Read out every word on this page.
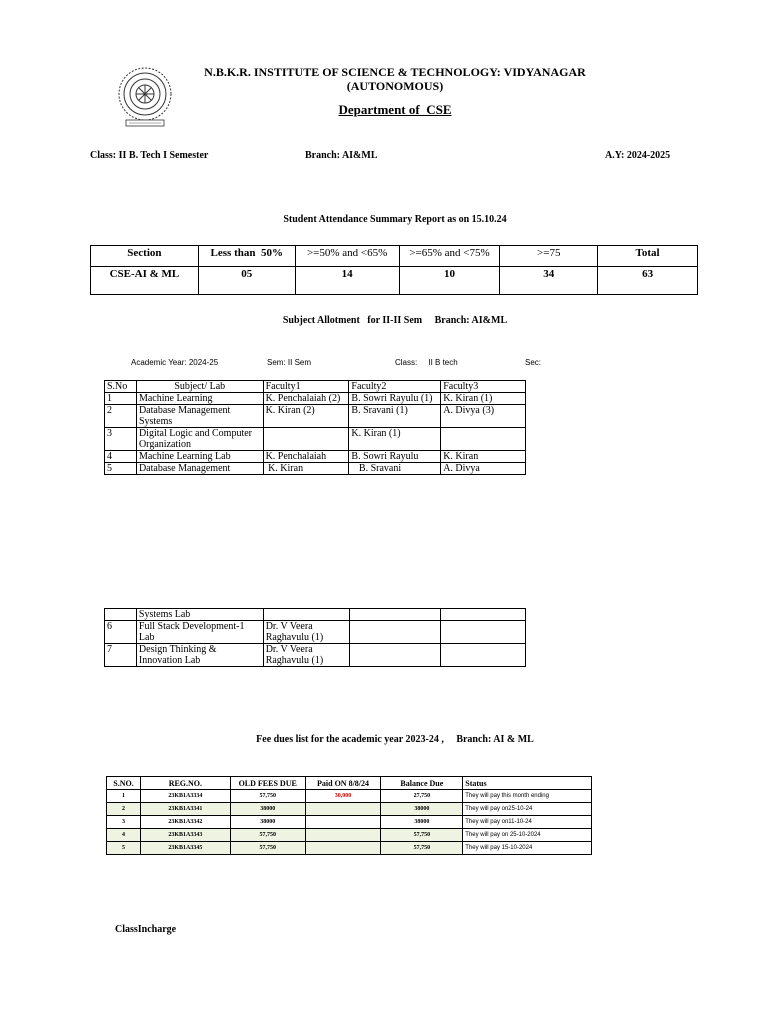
N.B.K.R. INSTITUTE OF SCIENCE & TECHNOLOGY: VIDYANAGAR
(AUTONOMOUS)
Department of  CSE
Class: II B. Tech I Semester	Branch: AI&ML	A.Y: 2024-2025
Student Attendance Summary Report as on 15.10.24
Section	Less than  50%	>=50% and <65%	>=65% and <75%	>=75	Total
CSE-AI & ML	05	14	10	34	63
Subject Allotment   for II-II Sem     Branch: AI&ML
Academic Year: 2024-25	Sem: II Sem	Class:     II B tech	Sec:
S.No	Subject/ Lab	Faculty1	Faculty2	Faculty3
1	Machine Learning	K. Penchalaiah (2)	B. Sowri Rayulu (1)	K. Kiran (1)
2	Database Management Systems	K. Kiran (2)	B. Sravani (1)	A. Divya (3)
3	Digital Logic and Computer Organization		K. Kiran (1)	
4	Machine Learning Lab	K. Penchalaiah	B. Sowri Rayulu	K. Kiran
5	Database Management	K. Kiran	B. Sravani	A. Divya
	Systems Lab			
6	Full Stack Development-1 Lab	Dr. V Veera Raghavulu (1)		
7	Design Thinking & Innovation Lab	Dr. V Veera Raghavulu (1)		
Fee dues list for the academic year 2023-24 ,     Branch: AI & ML
S.NO.	REG.NO.	OLD FEES DUE	Paid ON 8/8/24	Balance Due	Status
1	23KB1A3334	57,750	30,000	27,750	They will pay this month ending
2	23KB1A3341	38000		38000	They will pay on25-10-24
3	23KB1A3342	38000		38000	They will pay on11-10-24
4	23KB1A3343	57,750		57,750	They will pay on 25-10-2024
5	23KB1A3345	57,750		57,750	They will pay 15-10-2024
ClassIncharge
